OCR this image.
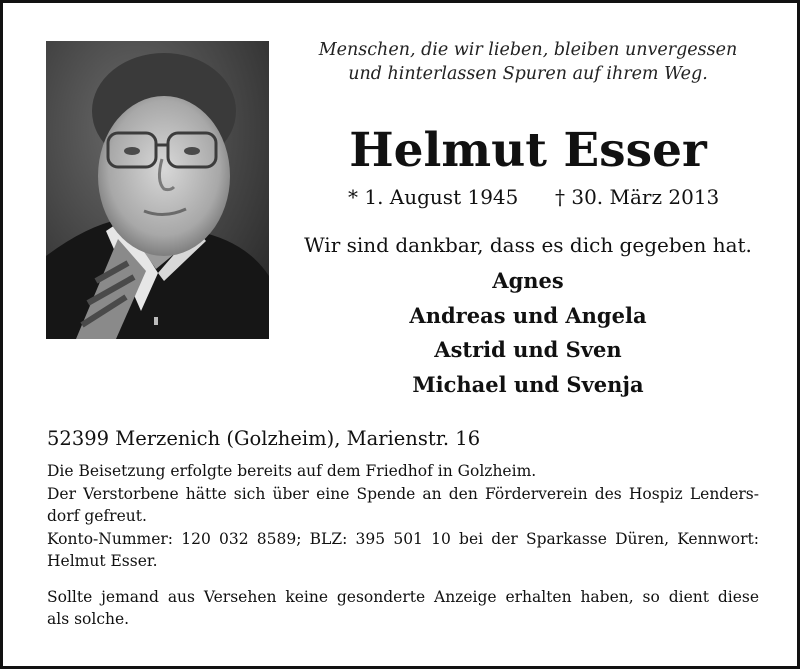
Menschen, die wir lieben, bleiben unvergessen
und hinterlassen Spuren auf ihrem Weg.
Helmut Esser
* 1. August 1945 † 30. März 2013
Wir sind dankbar, dass es dich gegeben hat.
Agnes
Andreas und Angela
Astrid und Sven
Michael und Svenja
52399 Merzenich (Golzheim), Marienstr. 16
Die Beisetzung erfolgte bereits auf dem Friedhof in Golzheim.
Der Verstorbene hätte sich über eine Spende an den Förderverein des Hospiz Lenders-
dorf gefreut.
Konto-Nummer: 120 032 8589; BLZ: 395 501 10 bei der Sparkasse Düren, Kennwort:
Helmut Esser.
Sollte jemand aus Versehen keine gesonderte Anzeige erhalten haben, so dient diese
als solche.
